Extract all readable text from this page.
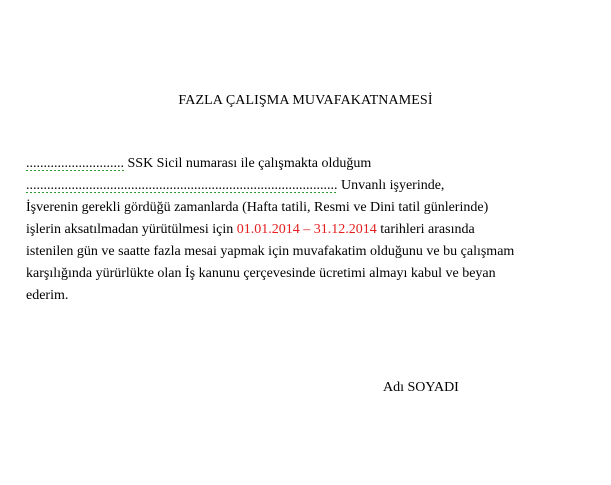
FAZLA ÇALIŞMA MUVAFAKATNAMESİ
............................ SSK Sicil numarası ile çalışmakta olduğum
......................................................................................... Unvanlı işyerinde,
İşverenin gerekli gördüğü zamanlarda (Hafta tatili, Resmi ve Dini tatil günlerinde)
işlerin aksatılmadan yürütülmesi için 01.01.2014 – 31.12.2014 tarihleri arasında
istenilen gün ve saatte fazla mesai yapmak için muvafakatim olduğunu ve bu çalışmam
karşılığında yürürlükte olan İş kanunu çerçevesinde ücretimi almayı kabul ve beyan
ederim.
Adı SOYADI
